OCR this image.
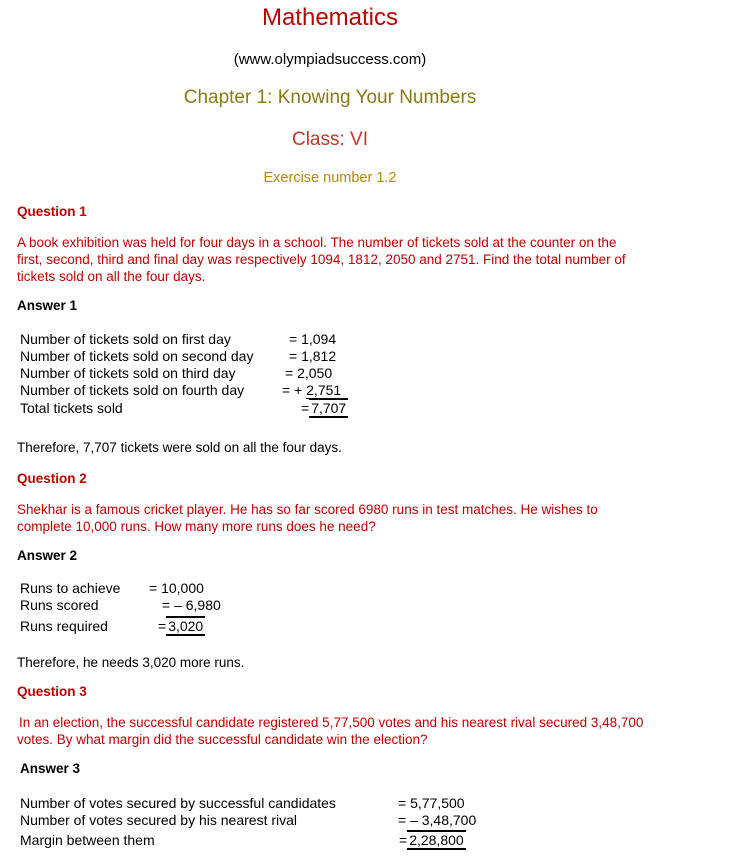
Mathematics
(www.olympiadsuccess.com)
Chapter 1: Knowing Your Numbers
Class: VI
Exercise number 1.2
Question 1
A book exhibition was held for four days in a school. The number of tickets sold at the counter on the first, second, third and final day was respectively 1094, 1812, 2050 and 2751. Find the total number of tickets sold on all the four days.
Answer 1
Number of tickets sold on first day	= 1,094
Number of tickets sold on second day	= 1,812
Number of tickets sold on third day	= 2,050
Number of tickets sold on fourth day	= + 2,751
Total tickets sold	= 7,707
Therefore, 7,707 tickets were sold on all the four days.
Question 2
Shekhar is a famous cricket player. He has so far scored 6980 runs in test matches. He wishes to complete 10,000 runs. How many more runs does he need?
Answer 2
Runs to achieve = 10,000
Runs scored	= – 6,980
Runs required	= 3,020
Therefore, he needs 3,020 more runs.
Question 3
In an election, the successful candidate registered 5,77,500 votes and his nearest rival secured 3,48,700 votes. By what margin did the successful candidate win the election?
Answer 3
Number of votes secured by successful candidates	= 5,77,500
Number of votes secured by his nearest rival	= – 3,48,700
Margin between them	= 2,28,800
